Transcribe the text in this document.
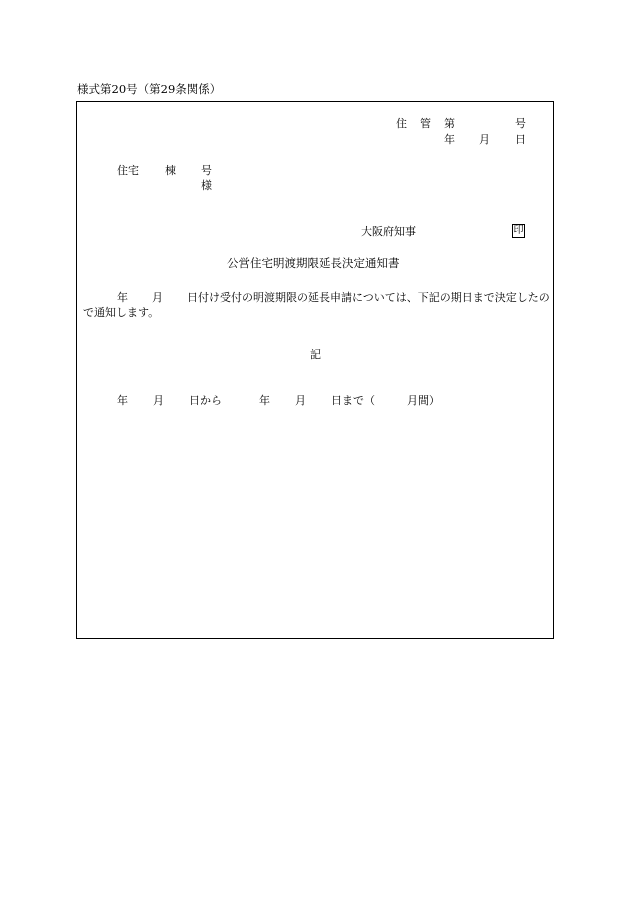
様式第20号（第29条関係）
住 管 第	号
年 月 日
住宅 棟 号
様
大阪府知事	印
公営住宅明渡期限延長決定通知書
年 月 日付け受付の明渡期限の延長申請については、下記の期日まで決定したので通知します。
記
年 月 日から	年 月 日まで（	月間）
